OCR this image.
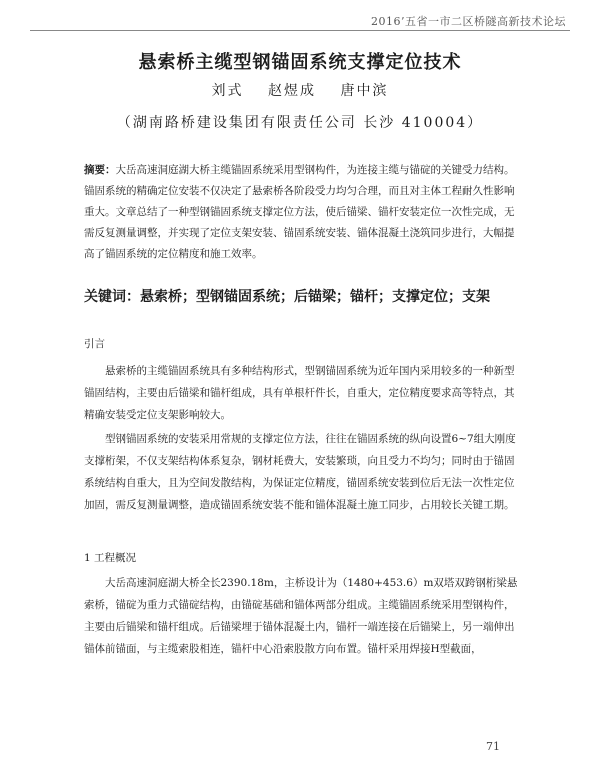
2016’五省一市二区桥隧高新技术论坛
悬索桥主缆型钢锚固系统支撑定位技术
刘式 赵煜成 唐中滨
（湖南路桥建设集团有限责任公司 长沙 410004）

摘要：大岳高速洞庭湖大桥主缆锚固系统采用型钢构件，为连接主缆与锚碇的关键受力结构。锚固系统的精确定位安装不仅决定了悬索桥各阶段受力均匀合理，而且对主体工程耐久性影响重大。文章总结了一种型钢锚固系统支撑定位方法，使后锚梁、锚杆安装定位一次性完成，无需反复测量调整，并实现了定位支架安装、锚固系统安装、锚体混凝土浇筑同步进行，大幅提高了锚固系统的定位精度和施工效率。

关键词：悬索桥；型钢锚固系统；后锚梁；锚杆；支撑定位；支架

引言

悬索桥的主缆锚固系统具有多种结构形式，型钢锚固系统为近年国内采用较多的一种新型锚固结构，主要由后锚梁和锚杆组成，具有单根杆件长，自重大，定位精度要求高等特点，其精确安装受定位支架影响较大。

型钢锚固系统的安装采用常规的支撑定位方法，往往在锚固系统的纵向设置6~7组大刚度支撑桁架，不仅支架结构体系复杂，钢材耗费大，安装繁琐，向且受力不均匀；同时由于锚固系统结构自重大，且为空间发散结构，为保证定位精度，锚固系统安装到位后无法一次性定位加固，需反复测量调整，造成锚固系统安装不能和锚体混凝土施工同步，占用较长关键工期。

1 工程概况

大岳高速洞庭湖大桥全长2390.18m，主桥设计为（1480+453.6）m双塔双跨钢桁梁悬索桥，锚碇为重力式锚碇结构，由锚碇基础和锚体两部分组成。主缆锚固系统采用型钢构件，主要由后锚梁和锚杆组成。后锚梁埋于锚体混凝土内，锚杆一端连接在后锚梁上，另一端伸出锚体前锚面，与主缆索股相连，锚杆中心沿索股散方向布置。锚杆采用焊接H型截面，

71
